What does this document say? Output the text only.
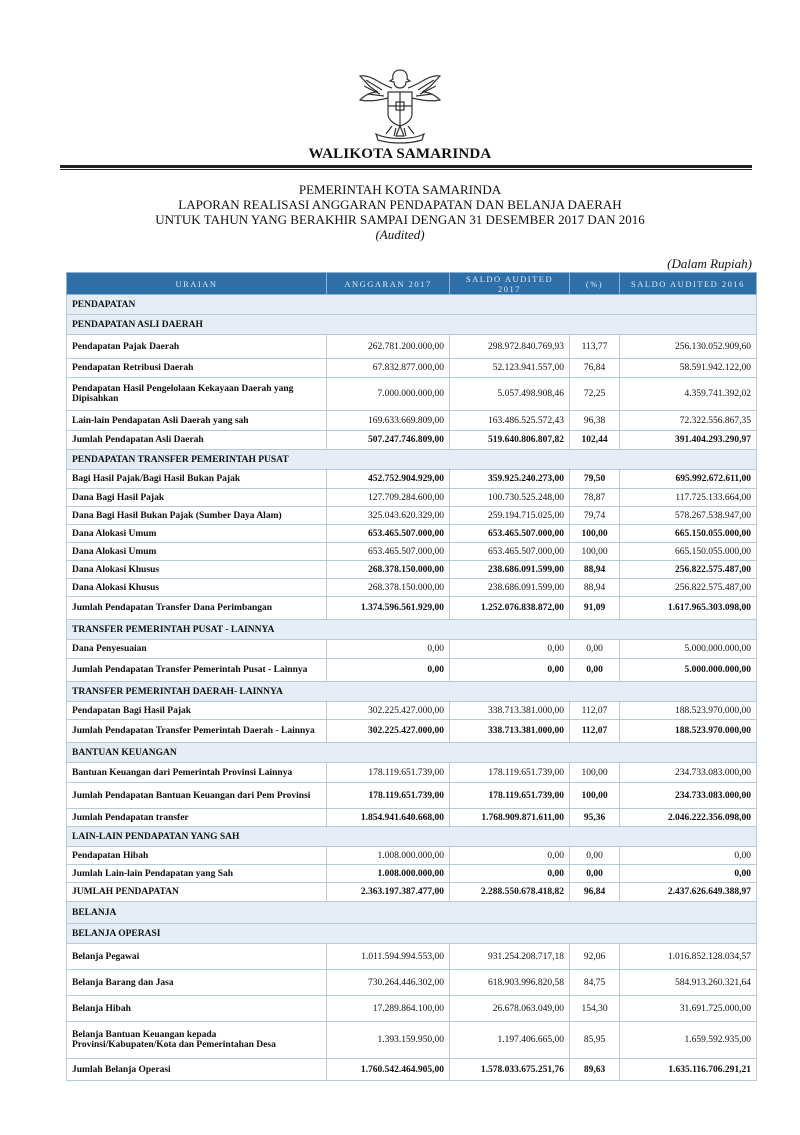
WALIKOTA SAMARINDA
PEMERINTAH KOTA SAMARINDA
LAPORAN REALISASI ANGGARAN PENDAPATAN DAN BELANJA DAERAH
UNTUK TAHUN YANG BERAKHIR SAMPAI DENGAN 31 DESEMBER 2017 DAN 2016
(Audited)
(Dalam Rupiah)
URAIAN	ANGGARAN 2017	SALDO AUDITED 2017	(%)	SALDO AUDITED 2016
PENDAPATAN				
PENDAPATAN ASLI DAERAH				
Pendapatan Pajak Daerah	262.781.200.000,00	298.972.840.769,93	113,77	256.130.052.909,60
Pendapatan Retribusi Daerah	67.832.877.000,00	52.123.941.557,00	76,84	58.591.942.122,00
Pendapatan Hasil Pengelolaan Kekayaan Daerah yang Dipisahkan	7.000.000.000,00	5.057.498.908,46	72,25	4.359.741.392,02
Lain-lain Pendapatan Asli Daerah yang sah	169.633.669.809,00	163.486.525.572,43	96,38	72.322.556.867,35
Jumlah Pendapatan Asli Daerah	507.247.746.809,00	519.640.806.807,82	102,44	391.404.293.290,97
PENDAPATAN TRANSFER PEMERINTAH PUSAT				
Bagi Hasil Pajak/Bagi Hasil Bukan Pajak	452.752.904.929,00	359.925.240.273,00	79,50	695.992.672.611,00
Dana Bagi Hasil Pajak	127.709.284.600,00	100.730.525.248,00	78,87	117.725.133.664,00
Dana Bagi Hasil Bukan Pajak (Sumber Daya Alam)	325.043.620.329,00	259.194.715.025,00	79,74	578.267.538.947,00
Dana Alokasi Umum	653.465.507.000,00	653.465.507.000,00	100,00	665.150.055.000,00
Dana Alokasi Umum	653.465.507.000,00	653.465.507.000,00	100,00	665.150.055.000,00
Dana Alokasi Khusus	268.378.150.000,00	238.686.091.599,00	88,94	256.822.575.487,00
Dana Alokasi Khusus	268.378.150.000,00	238.686.091.599,00	88,94	256.822.575.487,00
Jumlah Pendapatan Transfer Dana Perimbangan	1.374.596.561.929,00	1.252.076.838.872,00	91,09	1.617.965.303.098,00
TRANSFER PEMERINTAH PUSAT - LAINNYA				
Dana Penyesuaian	0,00	0,00	0,00	5.000.000.000,00
Jumlah Pendapatan Transfer Pemerintah Pusat - Lainnya	0,00	0,00	0,00	5.000.000.000,00
TRANSFER PEMERINTAH DAERAH- LAINNYA				
Pendapatan Bagi Hasil Pajak	302.225.427.000,00	338.713.381.000,00	112,07	188.523.970.000,00
Jumlah Pendapatan Transfer Pemerintah Daerah - Lainnya	302.225.427.000,00	338.713.381.000,00	112,07	188.523.970.000,00
BANTUAN KEUANGAN				
Bantuan Keuangan dari Pemerintah Provinsi Lainnya	178.119.651.739,00	178.119.651.739,00	100,00	234.733.083.000,00
Jumlah Pendapatan Bantuan Keuangan dari Pem Provinsi	178.119.651.739,00	178.119.651.739,00	100,00	234.733.083.000,00
Jumlah Pendapatan transfer	1.854.941.640.668,00	1.768.909.871.611,00	95,36	2.046.222.356.098,00
LAIN-LAIN PENDAPATAN YANG SAH				
Pendapatan Hibah	1.008.000.000,00	0,00	0,00	0,00
Jumlah Lain-lain Pendapatan yang Sah	1.008.000.000,00	0,00	0,00	0,00
JUMLAH PENDAPATAN	2.363.197.387.477,00	2.288.550.678.418,82	96,84	2.437.626.649.388,97
BELANJA				
BELANJA OPERASI				
Belanja Pegawai	1.011.594.994.553,00	931.254.208.717,18	92,06	1.016.852.128.034,57
Belanja Barang dan Jasa	730.264.446.302,00	618.903.996.820,58	84,75	584.913.260.321,64
Belanja Hibah	17.289.864.100,00	26.678.063.049,00	154,30	31.691.725.000,00
Belanja Bantuan Keuangan kepada Provinsi/Kabupaten/Kota dan Pemerintahan Desa	1.393.159.950,00	1.197.406.665,00	85,95	1.659.592.935,00
Jumlah Belanja Operasi	1.760.542.464.905,00	1.578.033.675.251,76	89,63	1.635.116.706.291,21
